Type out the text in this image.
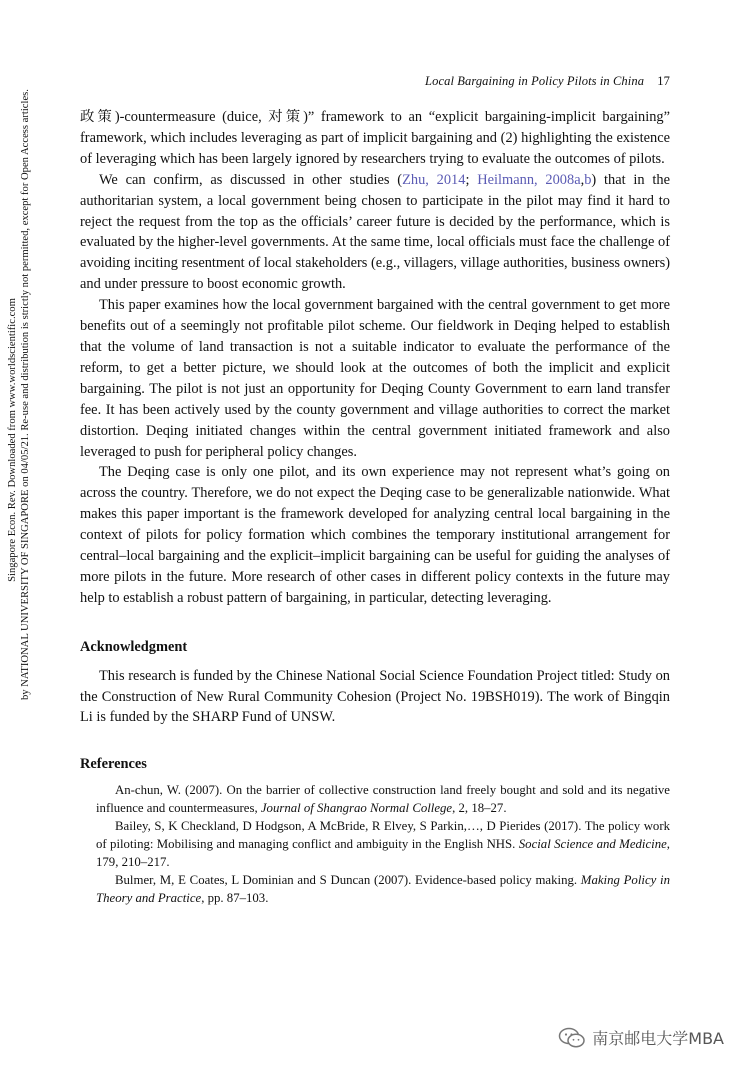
Local Bargaining in Policy Pilots in China 17
Singapore Econ. Rev. Downloaded from www.worldscientific.com by NATIONAL UNIVERSITY OF SINGAPORE on 04/05/21. Re-use and distribution is strictly not permitted, except for Open Access articles.	政策)-countermeasure (duice, 对策)” framework to an “explicit bargaining-implicit bargaining” framework, which includes leveraging as part of implicit bargaining and (2) highlighting the existence of leveraging which has been largely ignored by researchers trying to evaluate the outcomes of pilots.

We can confirm, as discussed in other studies (Zhu, 2014; Heilmann, 2008a,b) that in the authoritarian system, a local government being chosen to participate in the pilot may find it hard to reject the request from the top as the officials’ career future is decided by the performance, which is evaluated by the higher-level governments. At the same time, local officials must face the challenge of avoiding inciting resentment of local stakeholders (e.g., villagers, village authorities, business owners) and under pressure to boost economic growth.

This paper examines how the local government bargained with the central government to get more benefits out of a seemingly not profitable pilot scheme. Our fieldwork in Deqing helped to establish that the volume of land transaction is not a suitable indicator to evaluate the performance of the reform, to get a better picture, we should look at the outcomes of both the implicit and explicit bargaining. The pilot is not just an opportunity for Deqing County Government to earn land transfer fee. It has been actively used by the county government and village authorities to correct the market distortion. Deqing initiated changes within the central government initiated framework and also leveraged to push for peripheral policy changes.

The Deqing case is only one pilot, and its own experience may not represent what’s going on across the country. Therefore, we do not expect the Deqing case to be generalizable nationwide. What makes this paper important is the framework developed for analyzing central local bargaining in the context of pilots for policy formation which combines the temporary institutional arrangement for central–local bargaining and the explicit–implicit bargaining can be useful for guiding the analyses of more pilots in the future. More research of other cases in different policy contexts in the future may help to establish a robust pattern of bargaining, in particular, detecting leveraging.

Acknowledgment

This research is funded by the Chinese National Social Science Foundation Project titled: Study on the Construction of New Rural Community Cohesion (Project No. 19BSH019). The work of Bingqin Li is funded by the SHARP Fund of UNSW.

References

An-chun, W. (2007). On the barrier of collective construction land freely bought and sold and its negative influence and countermeasures, Journal of Shangrao Normal College, 2, 18–27.

Bailey, S, K Checkland, D Hodgson, A McBride, R Elvey, S Parkin,…, D Pierides (2017). The policy work of piloting: Mobilising and managing conflict and ambiguity in the English NHS. Social Science and Medicine, 179, 210–217.

Bulmer, M, E Coates, L Dominian and S Duncan (2007). Evidence-based policy making. Making Policy in Theory and Practice, pp. 87–103.

南京邮电大学MBA
